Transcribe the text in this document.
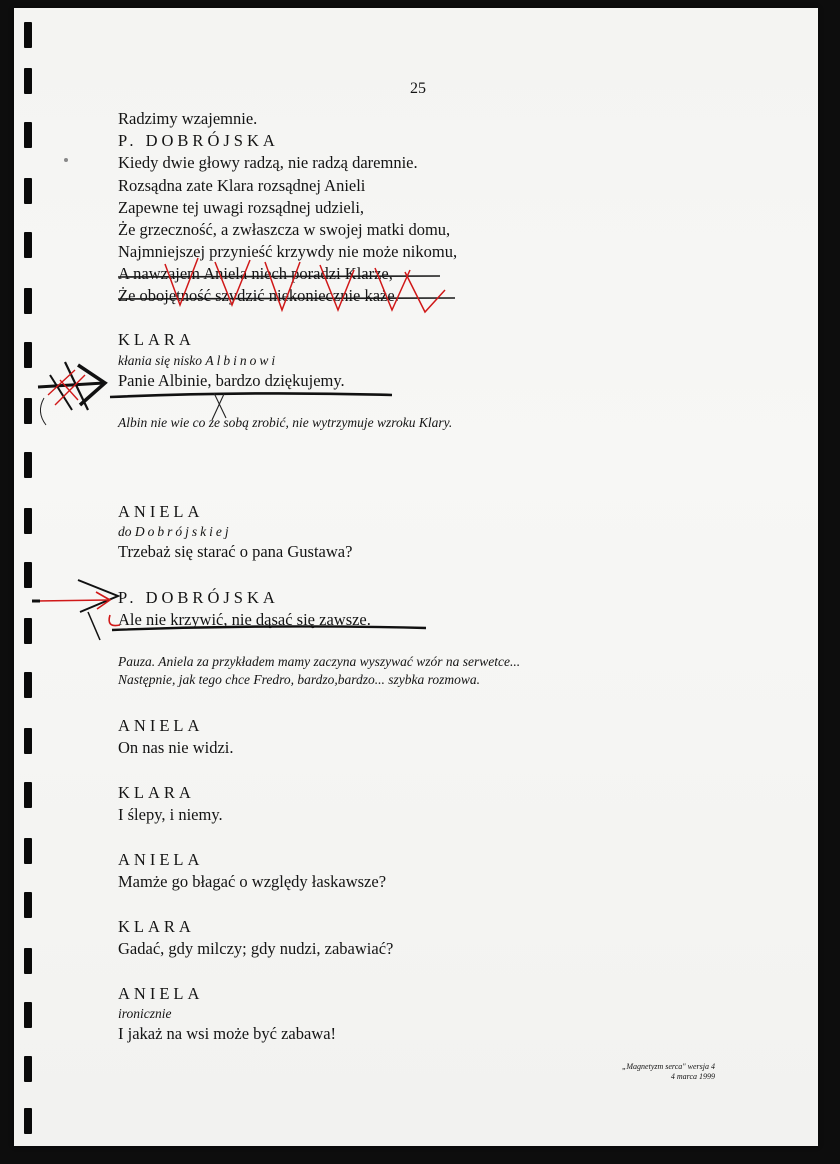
25
Radzimy wzajemnie.
P. DOBRÓJSKA
Kiedy dwie głowy radzą, nie radzą daremnie.
Rozsądna zate Klara rozsądnej Anieli
Zapewne tej uwagi rozsądnej udzieli,
Że grzeczność, a zwłaszcza w swojej matki domu,
Najmniejszej przynieść krzywdy nie może nikomu,
A nawzajem Aniela niech poradzi Klarze,
Że obojętność szydzić niekoniecznie każe.
KLARA
kłania się nisko Albinowi
Panie Albinie, bardzo dziękujemy.
Albin nie wie co ze sobą zrobić, nie wytrzymuje wzroku Klary.
ANIELA
do Dobrójskiej
Trzebaż się starać o pana Gustawa?
P. DOBRÓJSKA
Ale nie krzywić, nie dąsać się zawsze.
Pauza. Aniela za przykładem mamy zaczyna wyszywać wzór na serwetce...
Następnie, jak tego chce Fredro, bardzo,bardzo... szybka rozmowa.
ANIELA
On nas nie widzi.
KLARA
I ślepy, i niemy.
ANIELA
Mamże go błagać o względy łaskawsze?
KLARA
Gadać, gdy milczy; gdy nudzi, zabawiać?
ANIELA
ironicznie
I jakaż na wsi może być zabawa!
„Magnetyzm serca" wersja 4
4 marca 1999
